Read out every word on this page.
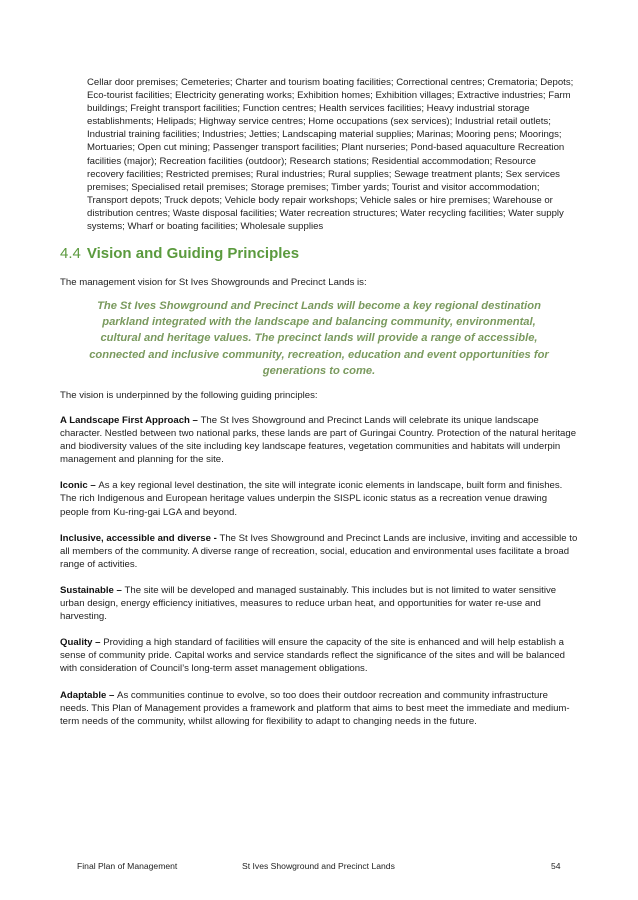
Cellar door premises; Cemeteries; Charter and tourism boating facilities; Correctional centres; Crematoria; Depots; Eco-tourist facilities; Electricity generating works; Exhibition homes; Exhibition villages; Extractive industries; Farm buildings; Freight transport facilities; Function centres; Health services facilities; Heavy industrial storage establishments; Helipads; Highway service centres; Home occupations (sex services); Industrial retail outlets; Industrial training facilities; Industries; Jetties; Landscaping material supplies; Marinas; Mooring pens; Moorings; Mortuaries; Open cut mining; Passenger transport facilities; Plant nurseries; Pond-based aquaculture Recreation facilities (major); Recreation facilities (outdoor); Research stations; Residential accommodation; Resource recovery facilities; Restricted premises; Rural industries; Rural supplies; Sewage treatment plants; Sex services premises; Specialised retail premises; Storage premises; Timber yards; Tourist and visitor accommodation; Transport depots; Truck depots; Vehicle body repair workshops; Vehicle sales or hire premises; Warehouse or distribution centres; Waste disposal facilities; Water recreation structures; Water recycling facilities; Water supply systems; Wharf or boating facilities; Wholesale supplies

4.4 Vision and Guiding Principles

The management vision for St Ives Showgrounds and Precinct Lands is:

The St Ives Showground and Precinct Lands will become a key regional destination parkland integrated with the landscape and balancing community, environmental, cultural and heritage values. The precinct lands will provide a range of accessible, connected and inclusive community, recreation, education and event opportunities for generations to come.

The vision is underpinned by the following guiding principles:

A Landscape First Approach – The St Ives Showground and Precinct Lands will celebrate its unique landscape character. Nestled between two national parks, these lands are part of Guringai Country. Protection of the natural heritage and biodiversity values of the site including key landscape features, vegetation communities and habitats will underpin management and planning for the site.

Iconic – As a key regional level destination, the site will integrate iconic elements in landscape, built form and finishes. The rich Indigenous and European heritage values underpin the SISPL iconic status as a recreation venue drawing people from Ku-ring-gai LGA and beyond.

Inclusive, accessible and diverse - The St Ives Showground and Precinct Lands are inclusive, inviting and accessible to all members of the community. A diverse range of recreation, social, education and environmental uses facilitate a broad range of activities.

Sustainable – The site will be developed and managed sustainably. This includes but is not limited to water sensitive urban design, energy efficiency initiatives, measures to reduce urban heat, and opportunities for water re-use and harvesting.

Quality – Providing a high standard of facilities will ensure the capacity of the site is enhanced and will help establish a sense of community pride. Capital works and service standards reflect the significance of the sites and will be balanced with consideration of Council’s long-term asset management obligations.

Adaptable – As communities continue to evolve, so too does their outdoor recreation and community infrastructure needs. This Plan of Management provides a framework and platform that aims to best meet the immediate and medium-term needs of the community, whilst allowing for flexibility to adapt to changing needs in the future.

Final Plan of Management	St Ives Showground and Precinct Lands	54
